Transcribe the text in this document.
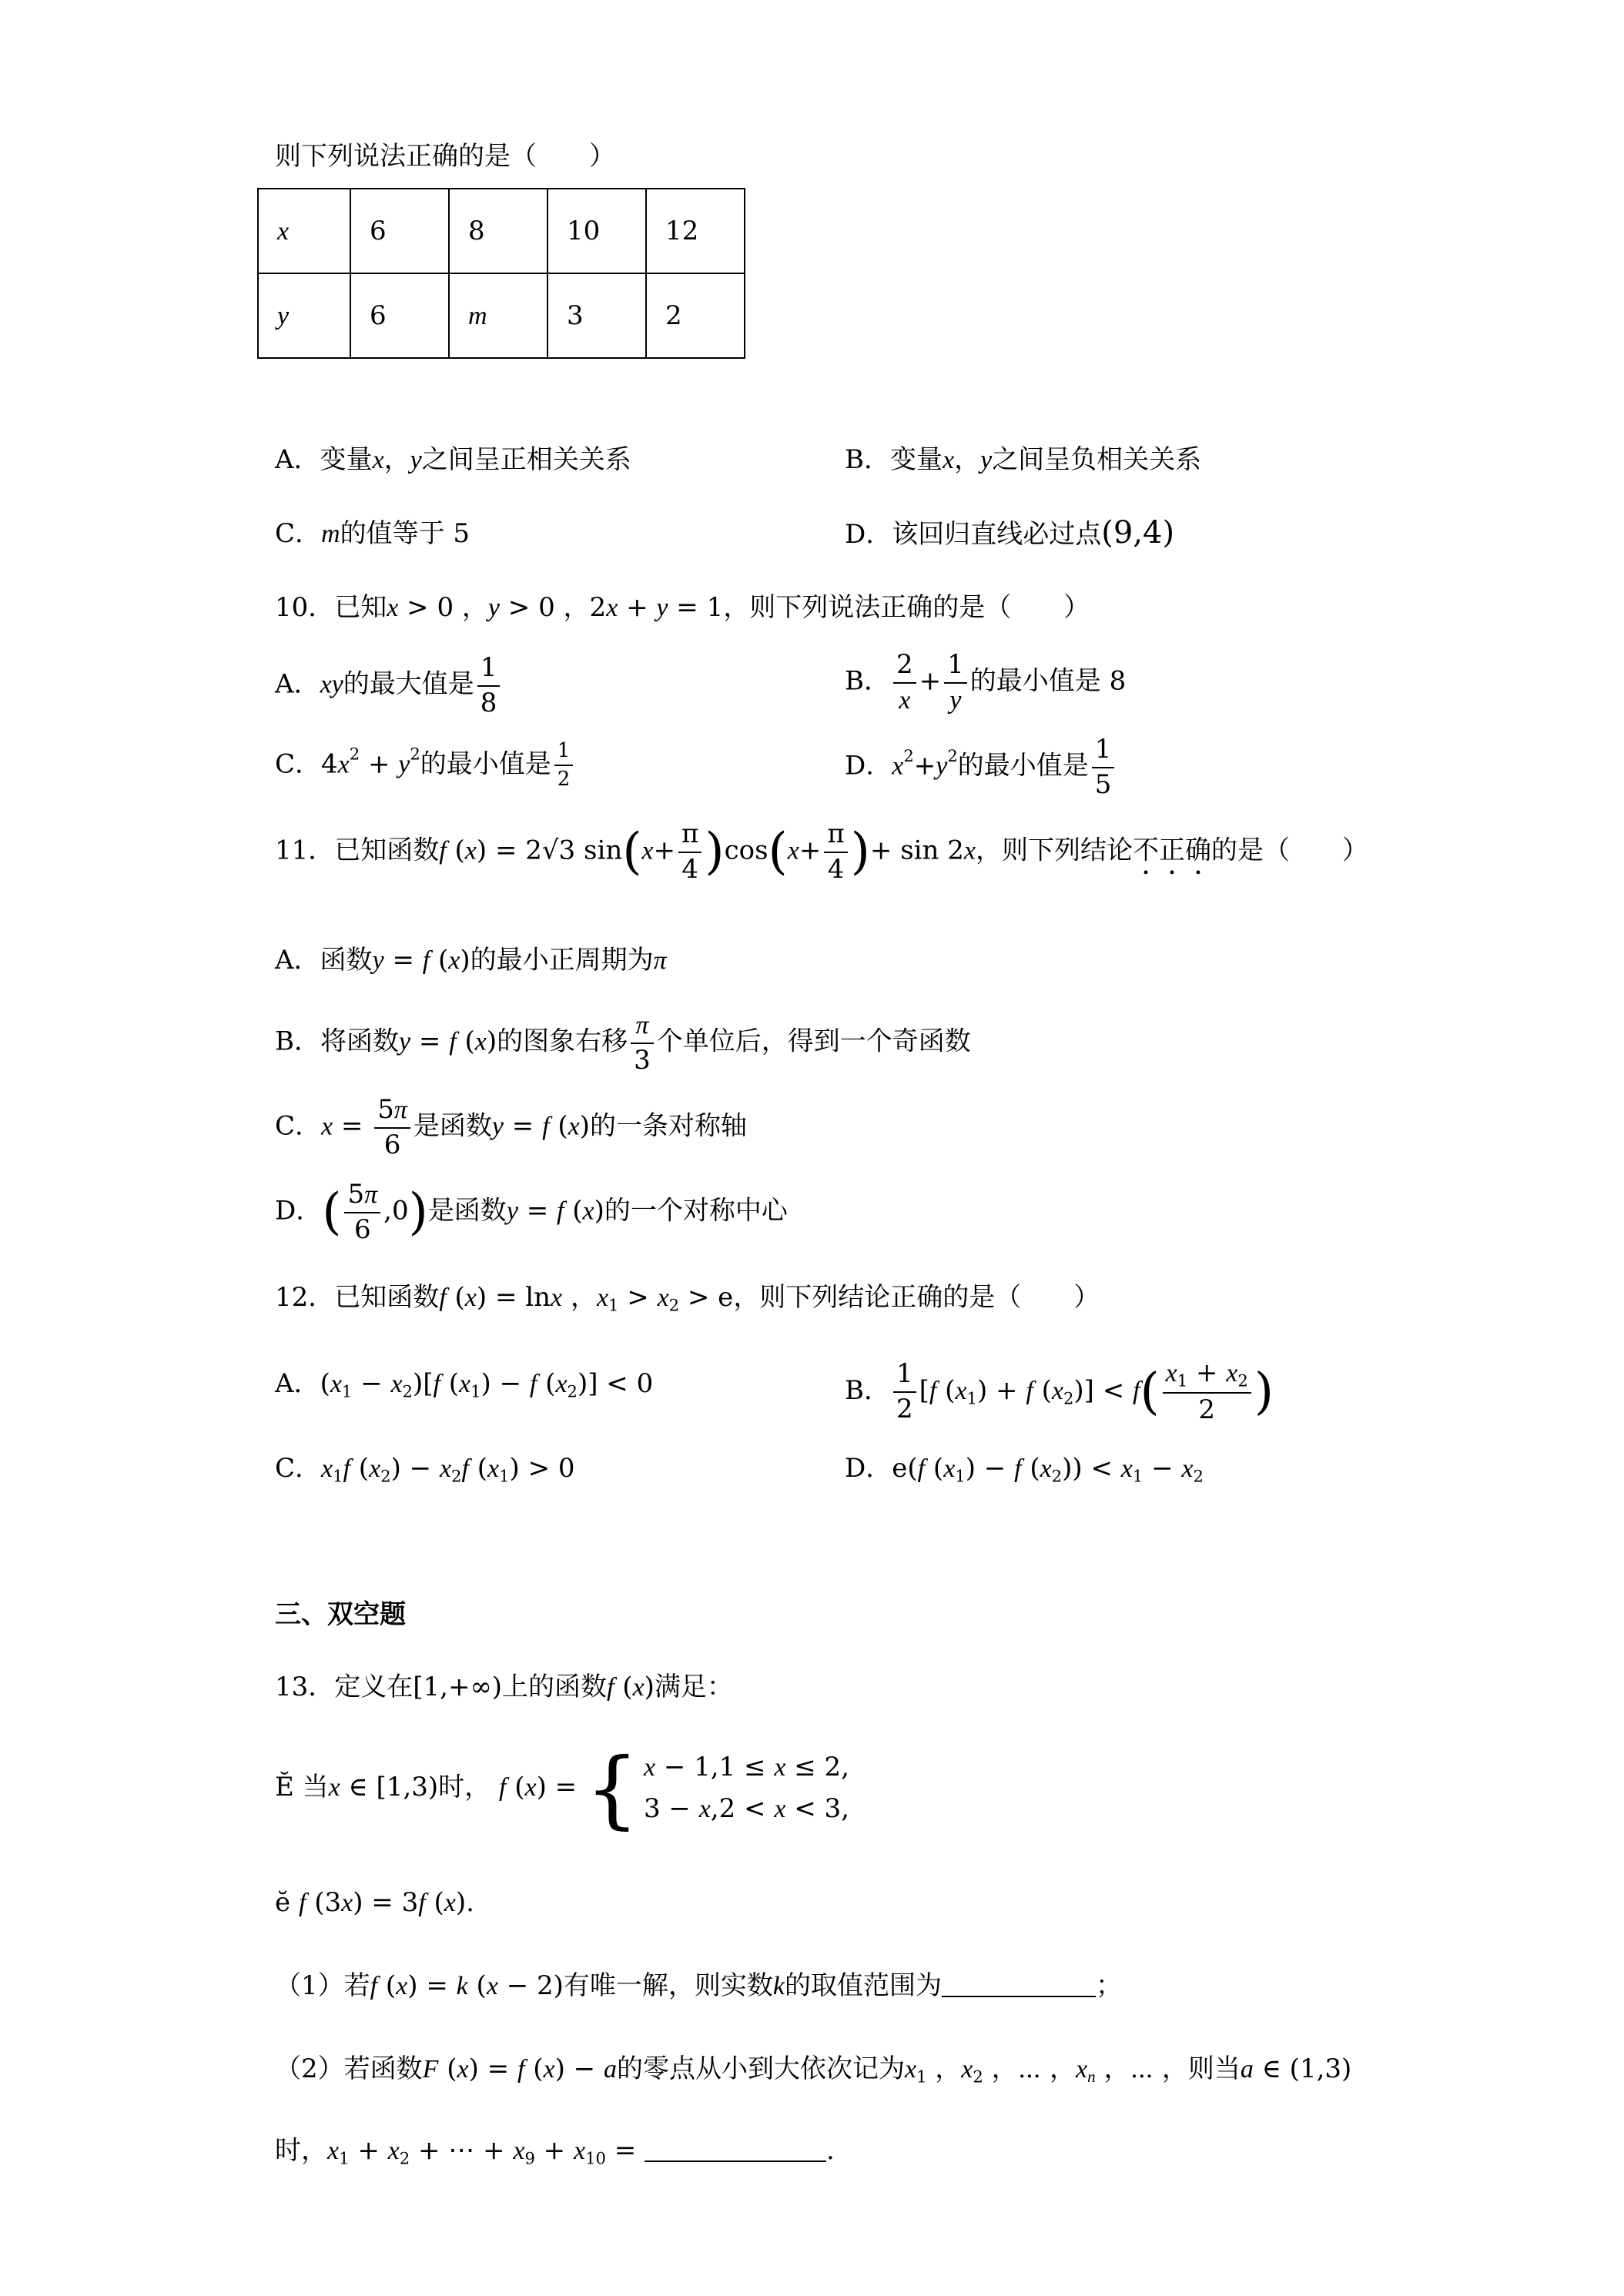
则下列说法正确的是（　　）
x	6	8	10	12
y	6	m	3	2
A．变量x，y之间呈正相关关系	B．变量x，y之间呈负相关关系
C．m的值等于 5	D．该回归直线必过点(9,4)
10．已知x > 0 ，y > 0 ，2x + y = 1，则下列说法正确的是（　　）
A．xy的最大值是 $\frac{1}{8}$	B． $\frac{2}{x} + \frac{1}{y}$ 的最小值是 8
C．$4x^2 + y^2$的最小值是 $\frac{1}{2}$	D．$x^2+y^2$的最小值是 $\frac{1}{5}$
11．已知函数f (x) = 2√3 $\sin(x+ \frac{\pi}{4} )\cos(x+ \frac{\pi}{4}$ )+ sin 2x，则下列结论不正确的是（　　）
A．函数y = f (x)的最小正周期为π
B．将函数y = f (x)的图象右移 $\frac{\pi}{3}$ 个单位后，得到一个奇函数
C．$x = \frac{5\pi}{6}$ 是函数y = f (x)的一条对称轴
D．( $\frac{5\pi}{6} ,0$)是函数y = f (x)的一个对称中心
12．已知函数f (x) = lnx ，$x_1 > x_2 > e$，则下列结论正确的是（　　）
A．$(x_1 - x_2)[f$ $(x_1) - f$ $(x_2)] < 0$	B． $\frac{1}{2} [f$ $(x_1) + f$ $(x_2)] < f( \frac{x_1 + x_2}{2}$ )
C．$x_1f$ $(x_2) - x_2f$ $(x_1) > 0$	D．e(f $(x_1) - f$ $(x_2)) < x_1 - x_2$
三、双空题
13．定义在[1,+∞)上的函数f (x)满足：
Ĕ 当x ∈ [1,3)时， f (x) = { x − 1,1 ≤ x ≤ 2,
3 − x,2 < x < 3,
ĕ f (3x) = 3f (x).
（1）若f (x) = k (x − 2)有唯一解，则实数k的取值范围为	；
（2）若函数F (x) = f (x) − a的零点从小到大依次记为$x_1$ ，$x_2$ ，⋯ ，$x_n$ ，⋯ ，则当a ∈ (1,3)
时，$x_1 + x_2$ + ⋯ + $x_9 + x_{10}$ =	.
